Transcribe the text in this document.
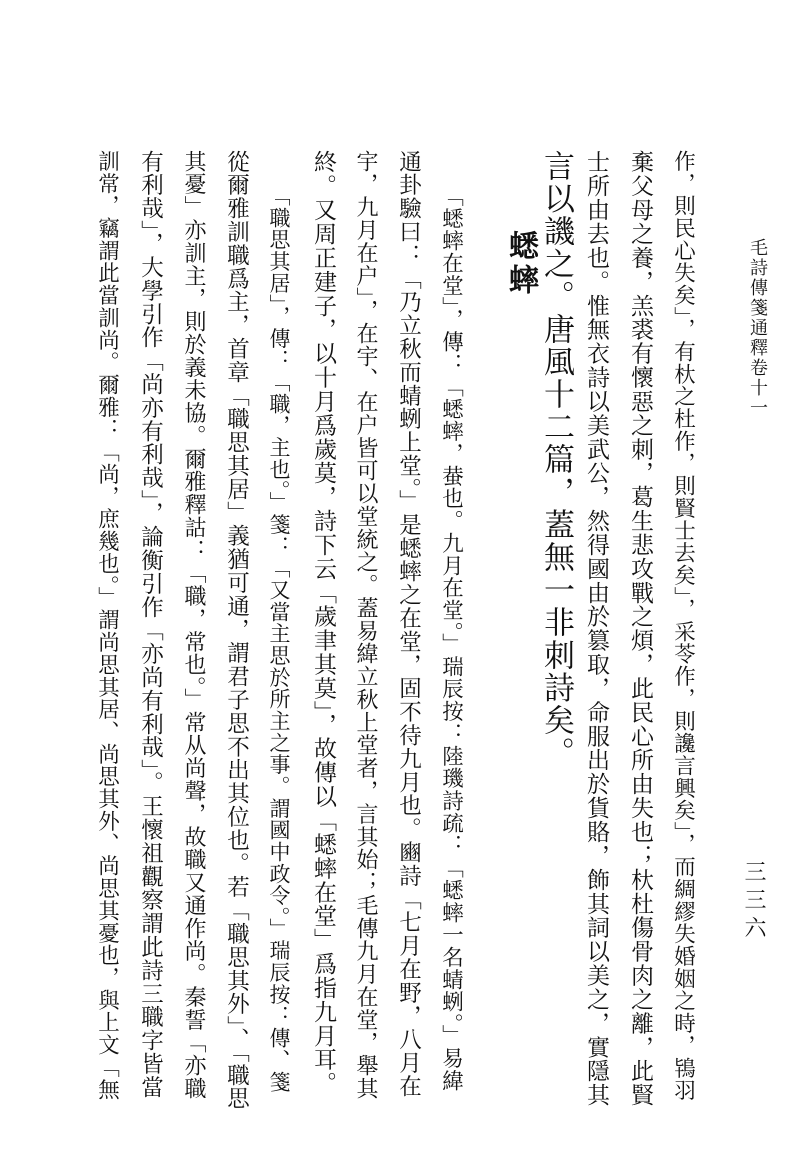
毛詩傳箋通釋卷十一
三三六
作，則民心失矣」，有杕之杜作，則賢士去矣」，采苓作，則讒言興矣」，而綢繆失婚姻之時，鴇羽
棄父母之養，羔裘有懷惡之刺，葛生悲攻戰之煩，此民心所由失也；杕杜傷骨肉之離，此賢
士所由去也。惟無衣詩以美武公，然得國由於篡取，命服出於貨賂，飾其詞以美之，實隱其
言以譏之。唐風十二篇，蓋無一非刺詩矣。
蟋蟀
「蟋蟀在堂」，傳：「蟋蟀，蛬也。九月在堂。」瑞辰按：陸璣詩疏：「蟋蟀一名蜻蛚。」易緯
通卦驗曰：「乃立秋而蜻蛚上堂。」是蟋蟀之在堂，固不待九月也。豳詩「七月在野，八月在
宇，九月在户」，在宇、在户皆可以堂統之。蓋易緯立秋上堂者，言其始；毛傳九月在堂，舉其
終。又周正建子，以十月爲歲莫，詩下云「歲聿其莫」，故傳以「蟋蟀在堂」爲指九月耳。
「職思其居」，傳：「職，主也。」箋：「又當主思於所主之事。謂國中政令。」瑞辰按：傳、箋
從爾雅訓職爲主，首章「職思其居」義猶可通，謂君子思不出其位也。若「職思其外」、「職思
其憂」亦訓主，則於義未協。爾雅釋詁：「職，常也。」常从尚聲，故職又通作尚。秦誓「亦職
有利哉」，大學引作「尚亦有利哉」，論衡引作「亦尚有利哉」。王懷祖觀察謂此詩三職字皆當
訓常，竊謂此當訓尚。爾雅：「尚，庶幾也。」謂尚思其居、尚思其外、尚思其憂也，與上文「無
